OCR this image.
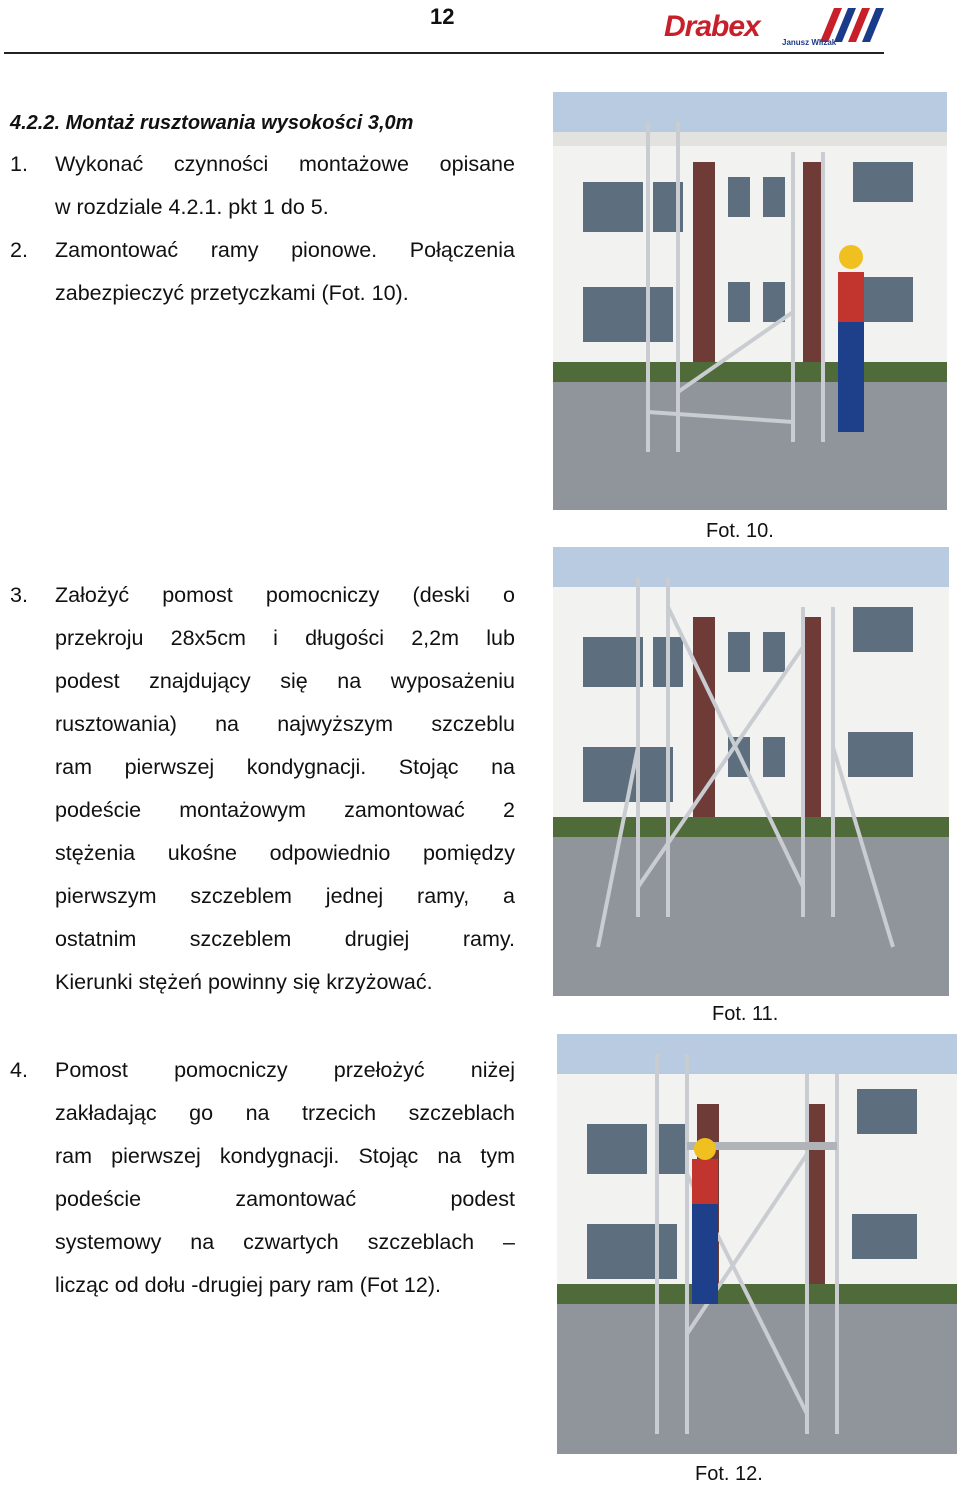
12	Drabex	Janusz Wlizak
4.2.2. Montaż rusztowania wysokości 3,0m
1.	Wykonać czynności montażowe opisane
w rozdziale 4.2.1. pkt 1 do 5.
2.	Zamontować ramy pionowe. Połączenia
zabezpieczyć przetyczkami (Fot. 10).
3.	Założyć pomost pomocniczy (deski o
przekroju 28x5cm i długości 2,2m lub
podest znajdujący się na wyposażeniu
rusztowania) na najwyższym szczeblu
ram pierwszej kondygnacji. Stojąc na
podeście montażowym zamontować 2
stężenia ukośne odpowiednio pomiędzy
pierwszym szczeblem jednej ramy, a
ostatnim szczeblem drugiej ramy.
Kierunki stężeń powinny się krzyżować.
4.	Pomost pomocniczy przełożyć niżej
zakładając go na trzecich szczeblach
ram pierwszej kondygnacji. Stojąc na tym
podeście	zamontować	podest
systemowy na czwartych szczeblach –
licząc od dołu -drugiej pary ram (Fot 12).
Fot. 10.
Fot. 11.
Fot. 12.
